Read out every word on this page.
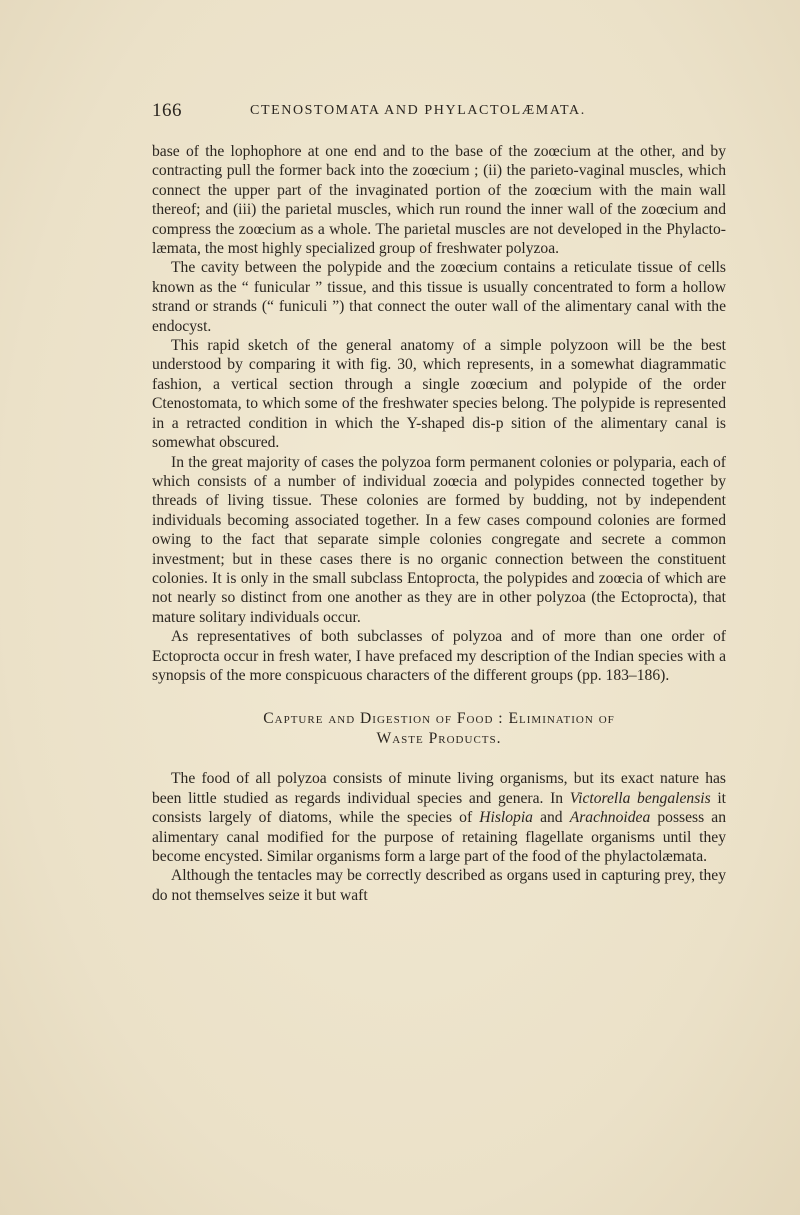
166	CTENOSTOMATA AND PHYLACTOLÆMATA.

base of the lophophore at one end and to the base of the zoœcium at the other, and by contracting pull the former back into the zoœcium ; (ii) the parieto-vaginal muscles, which connect the upper part of the invaginated portion of the zoœcium with the main wall thereof; and (iii) the parietal muscles, which run round the inner wall of the zoœcium and compress the zoœcium as a whole. The parietal muscles are not developed in the Phylacto-læmata, the most highly specialized group of freshwater polyzoa.

The cavity between the polypide and the zoœcium contains a reticulate tissue of cells known as the “ funicular ” tissue, and this tissue is usually concentrated to form a hollow strand or strands (“ funiculi ”) that connect the outer wall of the alimentary canal with the endocyst.

This rapid sketch of the general anatomy of a simple polyzoon will be the best understood by comparing it with fig. 30, which represents, in a somewhat diagrammatic fashion, a vertical section through a single zoœcium and polypide of the order Ctenostomata, to which some of the freshwater species belong. The polypide is represented in a retracted condition in which the Y-shaped dis-p sition of the alimentary canal is somewhat obscured.

In the great majority of cases the polyzoa form permanent colonies or polyparia, each of which consists of a number of individual zoœcia and polypides connected together by threads of living tissue. These colonies are formed by budding, not by independent individuals becoming associated together. In a few cases compound colonies are formed owing to the fact that separate simple colonies congregate and secrete a common investment; but in these cases there is no organic connection between the constituent colonies. It is only in the small subclass Entoprocta, the polypides and zoœcia of which are not nearly so distinct from one another as they are in other polyzoa (the Ectoprocta), that mature solitary individuals occur.

As representatives of both subclasses of polyzoa and of more than one order of Ectoprocta occur in fresh water, I have prefaced my description of the Indian species with a synopsis of the more conspicuous characters of the different groups (pp. 183–186).

Capture and Digestion of Food : Elimination of
Waste Products.

The food of all polyzoa consists of minute living organisms, but its exact nature has been little studied as regards individual species and genera. In Victorella bengalensis it consists largely of diatoms, while the species of Hislopia and Arachnoidea possess an alimentary canal modified for the purpose of retaining flagellate organisms until they become encysted. Similar organisms form a large part of the food of the phylactolæmata.

Although the tentacles may be correctly described as organs used in capturing prey, they do not themselves seize it but waft
